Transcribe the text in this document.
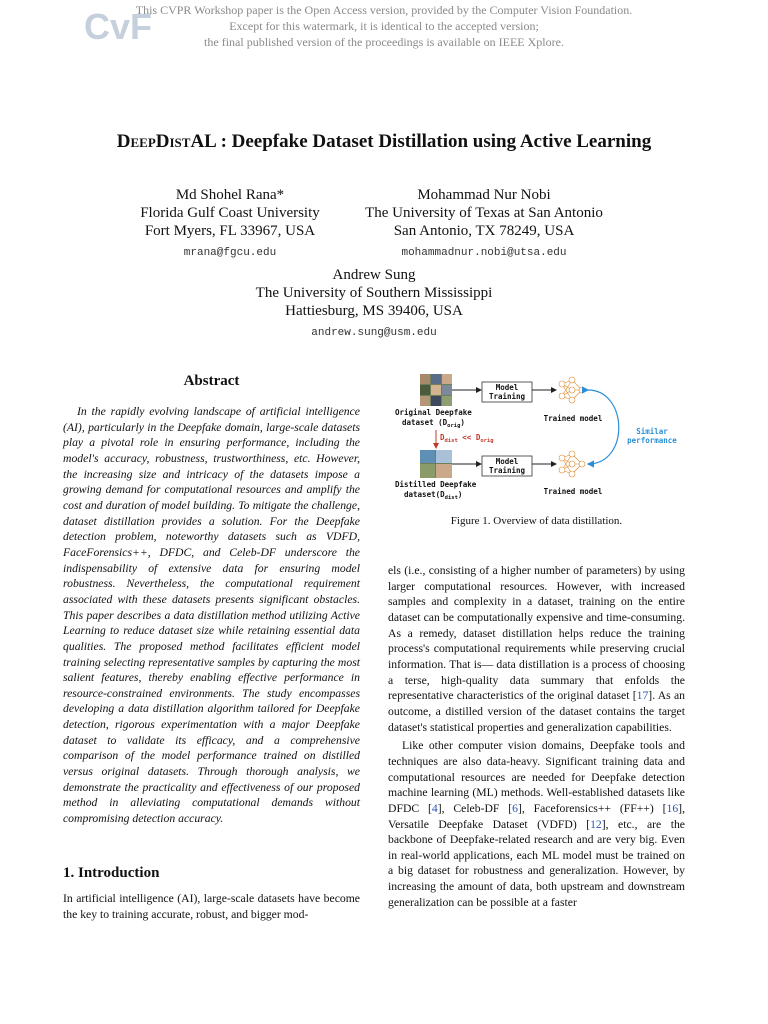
CvF
This CVPR Workshop paper is the Open Access version, provided by the Computer Vision Foundation.
Except for this watermark, it is identical to the accepted version;
the final published version of the proceedings is available on IEEE Xplore.
DeepDistAL : Deepfake Dataset Distillation using Active Learning
Md Shohel Rana*
Florida Gulf Coast University
Fort Myers, FL 33967, USA
mrana@fgcu.edu
Mohammad Nur Nobi
The University of Texas at San Antonio
San Antonio, TX 78249, USA
mohammadnur.nobi@utsa.edu
Andrew Sung
The University of Southern Mississippi
Hattiesburg, MS 39406, USA
andrew.sung@usm.edu
Abstract
In the rapidly evolving landscape of artificial intelligence (AI), particularly in the Deepfake domain, large-scale datasets play a pivotal role in ensuring performance, including the model's accuracy, robustness, trustworthiness, etc. However, the increasing size and intricacy of the datasets impose a growing demand for computational resources and amplify the cost and duration of model building. To mitigate the challenge, dataset distillation provides a solution. For the Deepfake detection problem, noteworthy datasets such as VDFD, FaceForensics++, DFDC, and Celeb-DF underscore the indispensability of extensive data for ensuring model robustness. Nevertheless, the computational requirement associated with these datasets presents significant obstacles. This paper describes a data distillation method utilizing Active Learning to reduce dataset size while retaining essential data qualities. The proposed method facilitates efficient model training selecting representative samples by capturing the most salient features, thereby enabling effective performance in resource-constrained environments. The study encompasses developing a data distillation algorithm tailored for Deepfake detection, rigorous experimentation with a major Deepfake dataset to validate its efficacy, and a comprehensive comparison of the model performance trained on distilled versus original datasets. Through thorough analysis, we demonstrate the practicality and effectiveness of our proposed method in alleviating computational demands without compromising detection accuracy.
1. Introduction
In artificial intelligence (AI), large-scale datasets have become the key to training accurate, robust, and bigger mod-
Original Deepfake
dataset $(D_{orig})$
Model
Training
Trained model
$D_{dist} << D_{orig}$
Distilled Deepfake
$dataset(D_{dist})$
Model
Training
Trained model
Similar
performance
Figure 1. Overview of data distillation.

els (i.e., consisting of a higher number of parameters) by using larger computational resources. However, with increased samples and complexity in a dataset, training on the entire dataset can be computationally expensive and time-consuming. As a remedy, dataset distillation helps reduce the training process's computational requirements while preserving crucial information. That is— data distillation is a process of choosing a terse, high-quality data summary that enfolds the representative characteristics of the original dataset [17]. As an outcome, a distilled version of the dataset contains the target dataset's statistical properties and generalization capabilities.

Like other computer vision domains, Deepfake tools and techniques are also data-heavy. Significant training data and computational resources are needed for Deepfake detection machine learning (ML) methods. Well-established datasets like DFDC [4], Celeb-DF [6], Faceforensics++ (FF++) [16], Versatile Deepfake Dataset (VDFD) [12], etc., are the backbone of Deepfake-related research and are very big. Even in real-world applications, each ML model must be trained on a big dataset for robustness and generalization. However, by increasing the amount of data, both upstream and downstream generalization can be possible at a faster
